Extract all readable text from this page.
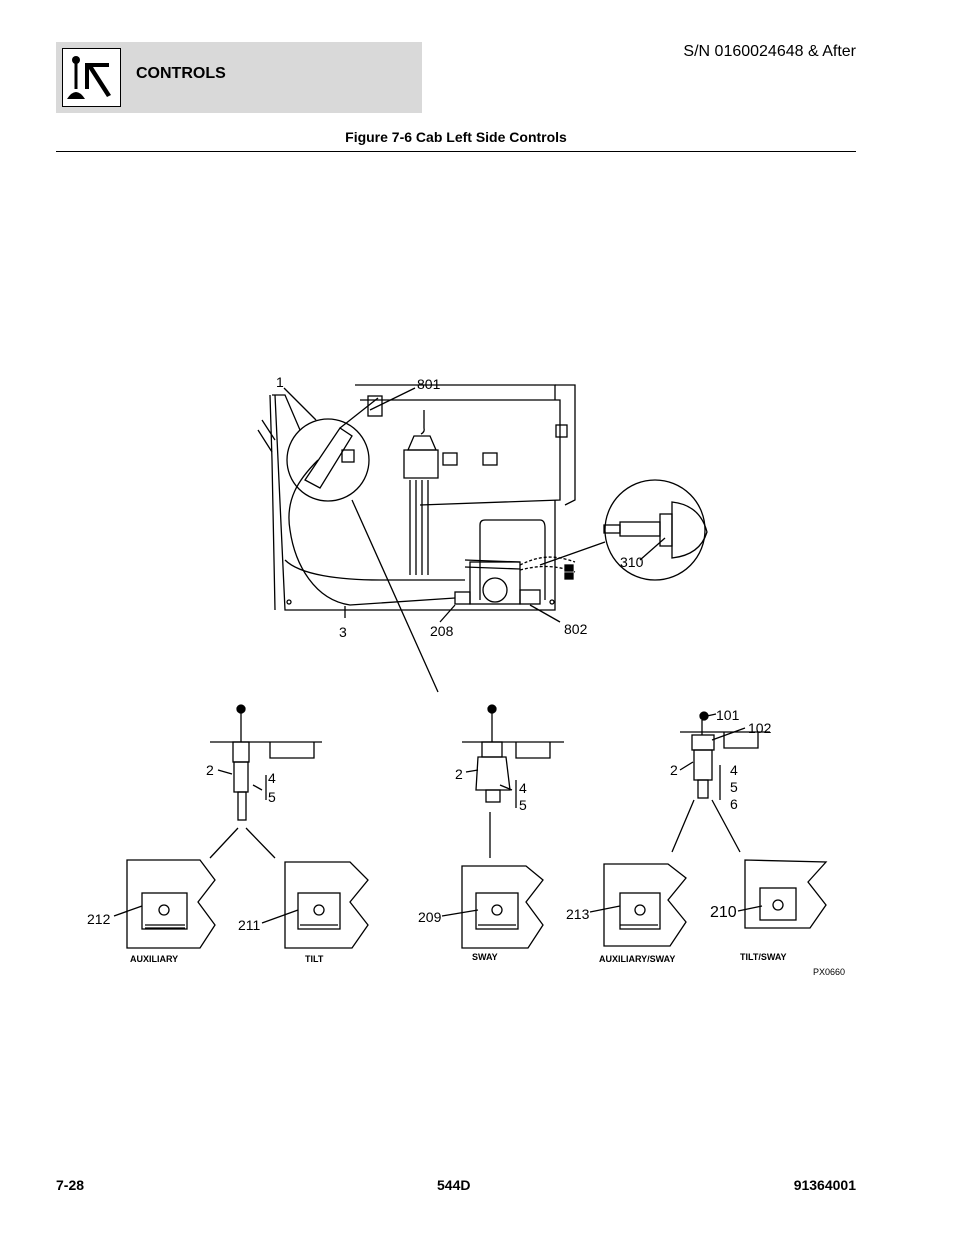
CONTROLS
S/N 0160024648 & After
Figure 7-6 Cab Left Side Controls
1	801
310
3	208	802
2	4
5
2
4
5
101
102
2	4
5
6
212	211	209	213	210
AUXILIARY	TILT	SWAY	AUXILIARY/SWAY	TILT/SWAY
PX0660
7-28	544D	91364001
